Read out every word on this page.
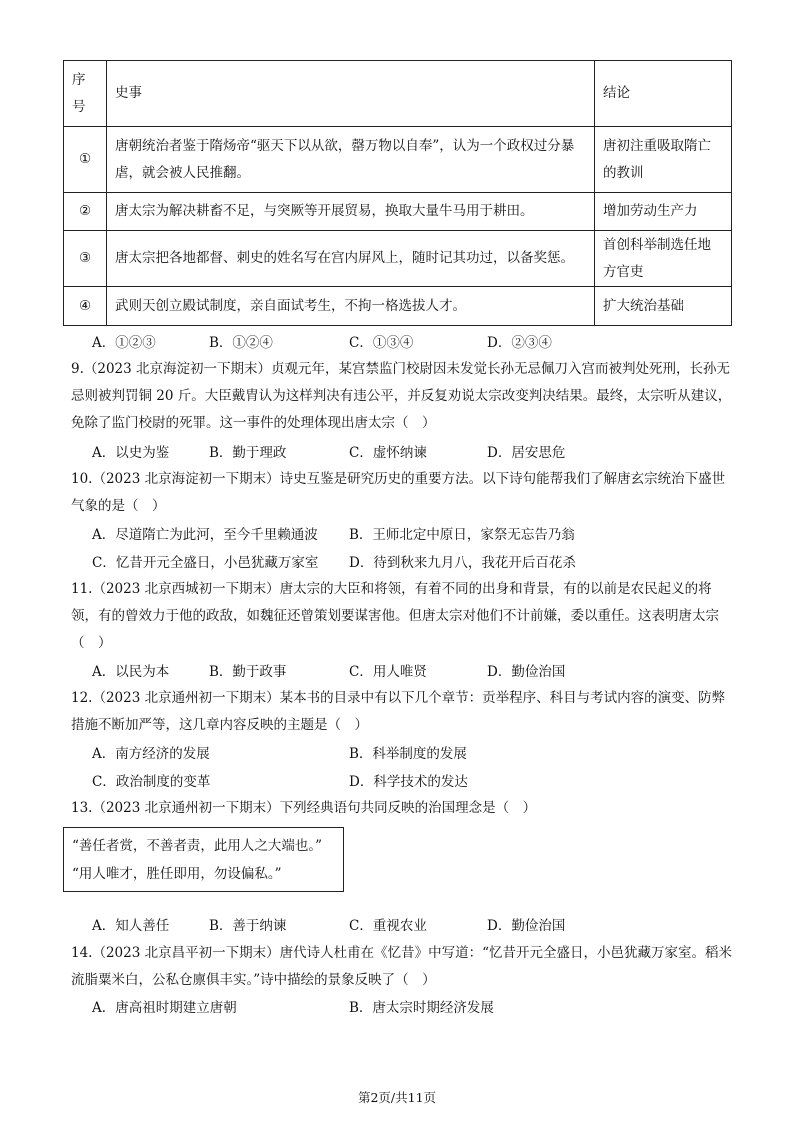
序号	史事	结论
①	唐朝统治者鉴于隋炀帝“驱天下以从欲，罄万物以自奉”，认为一个政权过分暴虐，就会被人民推翻。	唐初注重吸取隋亡的教训
②	唐太宗为解决耕畜不足，与突厥等开展贸易，换取大量牛马用于耕田。	增加劳动生产力
③	唐太宗把各地都督、刺史的姓名写在宫内屏风上，随时记其功过，以备奖惩。	首创科举制选任地方官吏
④	武则天创立殿试制度，亲自面试考生，不拘一格选拔人才。	扩大统治基础
A．①②③	B．①②④	C．①③④	D．②③④
9.（2023 北京海淀初一下期末）贞观元年，某宫禁监门校尉因未发觉长孙无忌佩刀入宫而被判处死刑，长孙无忌则被判罚铜 20 斤。大臣戴胄认为这样判决有违公平，并反复劝说太宗改变判决结果。最终，太宗听从建议，免除了监门校尉的死罪。这一事件的处理体现出唐太宗（　）
A．以史为鉴	B．勤于理政	C．虚怀纳谏	D．居安思危
10.（2023 北京海淀初一下期末）诗史互鉴是研究历史的重要方法。以下诗句能帮我们了解唐玄宗统治下盛世气象的是（　）
A．尽道隋亡为此河，至今千里赖通波 B．王师北定中原日，家祭无忘告乃翁
C．忆昔开元全盛日，小邑犹藏万家室 D．待到秋来九月八，我花开后百花杀
11.（2023 北京西城初一下期末）唐太宗的大臣和将领，有着不同的出身和背景，有的以前是农民起义的将领，有的曾效力于他的政敌，如魏征还曾策划要谋害他。但唐太宗对他们不计前嫌，委以重任。这表明唐太宗（　）
A．以民为本	B．勤于政事	C．用人唯贤	D．勤俭治国
12.（2023 北京通州初一下期末）某本书的目录中有以下几个章节：贡举程序、科目与考试内容的演变、防弊措施不断加严等，这几章内容反映的主题是（　）
A．南方经济的发展	B．科举制度的发展
C．政治制度的变革	D．科学技术的发达
13.（2023 北京通州初一下期末）下列经典语句共同反映的治国理念是（　）
“善任者赏，不善者责，此用人之大端也。”
“用人唯才，胜任即用，勿设偏私。”
A．知人善任	B．善于纳谏	C．重视农业	D．勤俭治国
14.（2023 北京昌平初一下期末）唐代诗人杜甫在《忆昔》中写道：“忆昔开元全盛日，小邑犹藏万家室。稻米流脂粟米白，公私仓廪俱丰实。”诗中描绘的景象反映了（　）
A．唐高祖时期建立唐朝	B．唐太宗时期经济发展
第2页/共11页
